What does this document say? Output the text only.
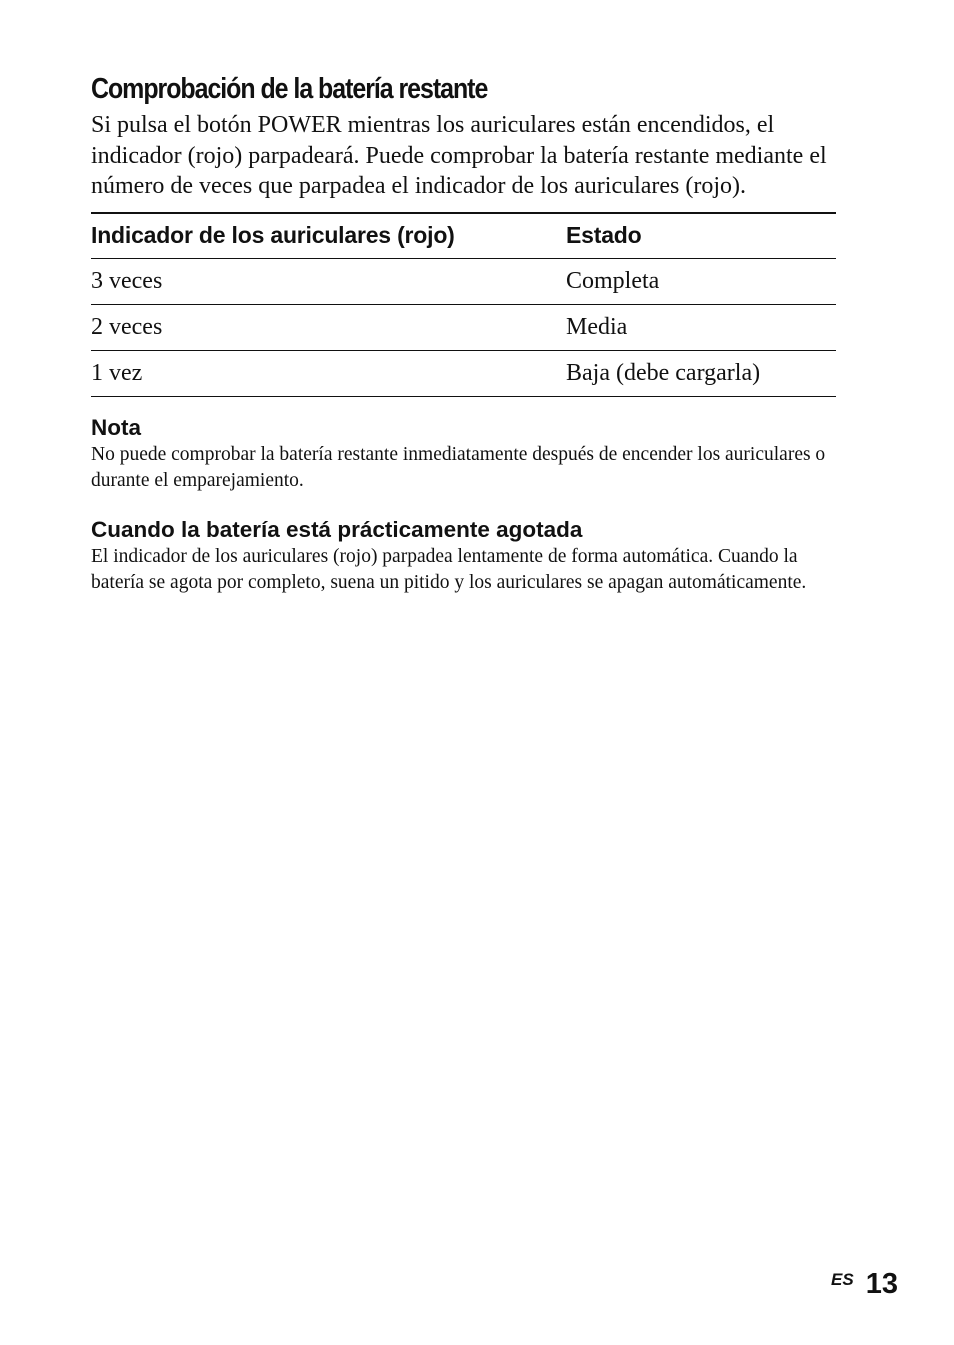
Comprobación de la batería restante

Si pulsa el botón POWER mientras los auriculares están encendidos, el indicador (rojo) parpadeará. Puede comprobar la batería restante mediante el número de veces que parpadea el indicador de los auriculares (rojo).

Indicador de los auriculares (rojo)	Estado
3 veces	Completa
2 veces	Media
1 vez	Baja (debe cargarla)
Nota

No puede comprobar la batería restante inmediatamente después de encender los auriculares o durante el emparejamiento.

Cuando la batería está prácticamente agotada

El indicador de los auriculares (rojo) parpadea lentamente de forma automática. Cuando la batería se agota por completo, suena un pitido y los auriculares se apagan automáticamente.

ES 13
